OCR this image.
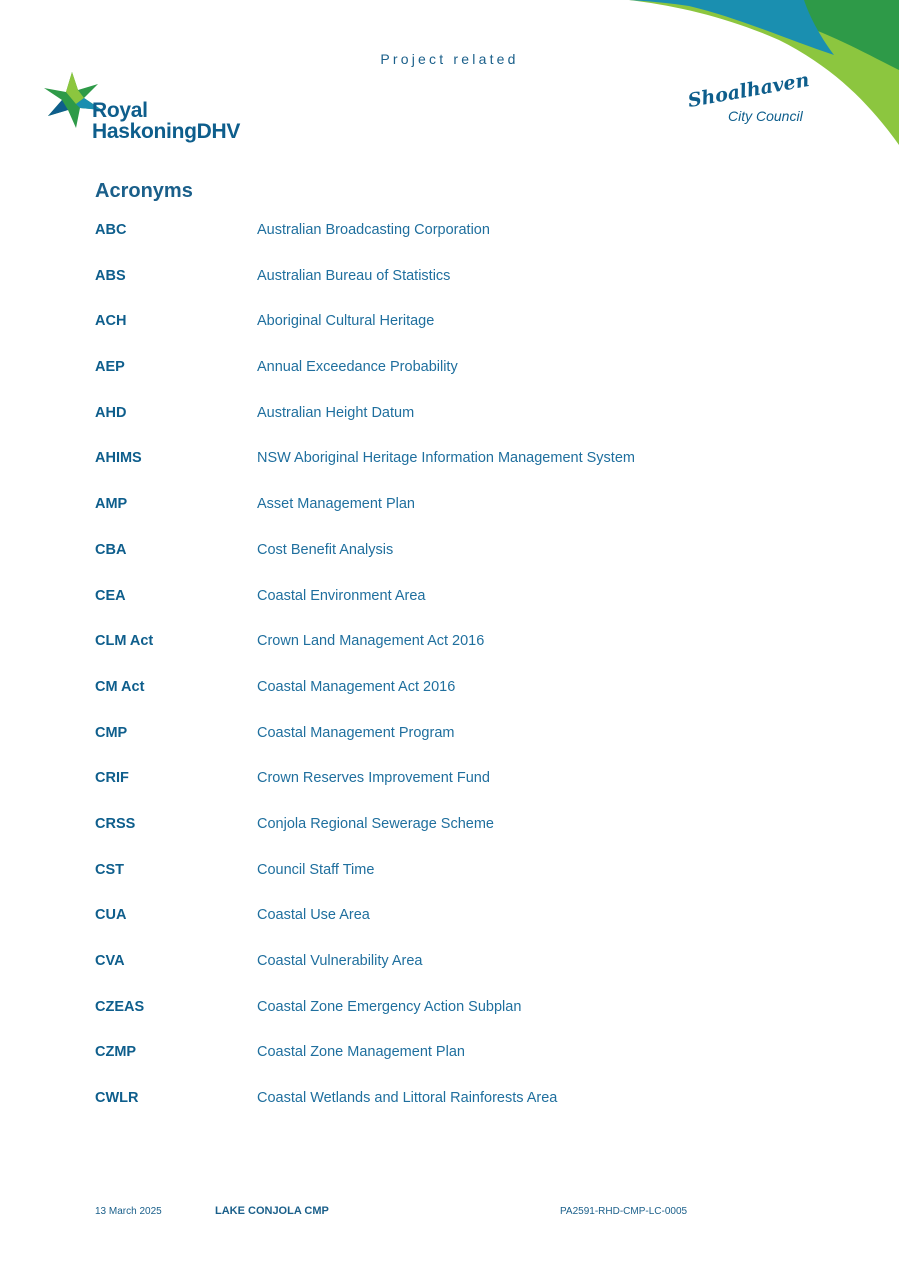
Project related
Royal
HaskoningDHV
Shoalhaven
City Council
Acronyms
ABC	Australian Broadcasting Corporation
ABS	Australian Bureau of Statistics
ACH	Aboriginal Cultural Heritage
AEP	Annual Exceedance Probability
AHD	Australian Height Datum
AHIMS	NSW Aboriginal Heritage Information Management System
AMP	Asset Management Plan
CBA	Cost Benefit Analysis
CEA	Coastal Environment Area
CLM Act	Crown Land Management Act 2016
CM Act	Coastal Management Act 2016
CMP	Coastal Management Program
CRIF	Crown Reserves Improvement Fund
CRSS	Conjola Regional Sewerage Scheme
CST	Council Staff Time
CUA	Coastal Use Area
CVA	Coastal Vulnerability Area
CZEAS	Coastal Zone Emergency Action Subplan
CZMP	Coastal Zone Management Plan
CWLR	Coastal Wetlands and Littoral Rainforests Area
13 March 2025	LAKE CONJOLA CMP	PA2591-RHD-CMP-LC-0005
